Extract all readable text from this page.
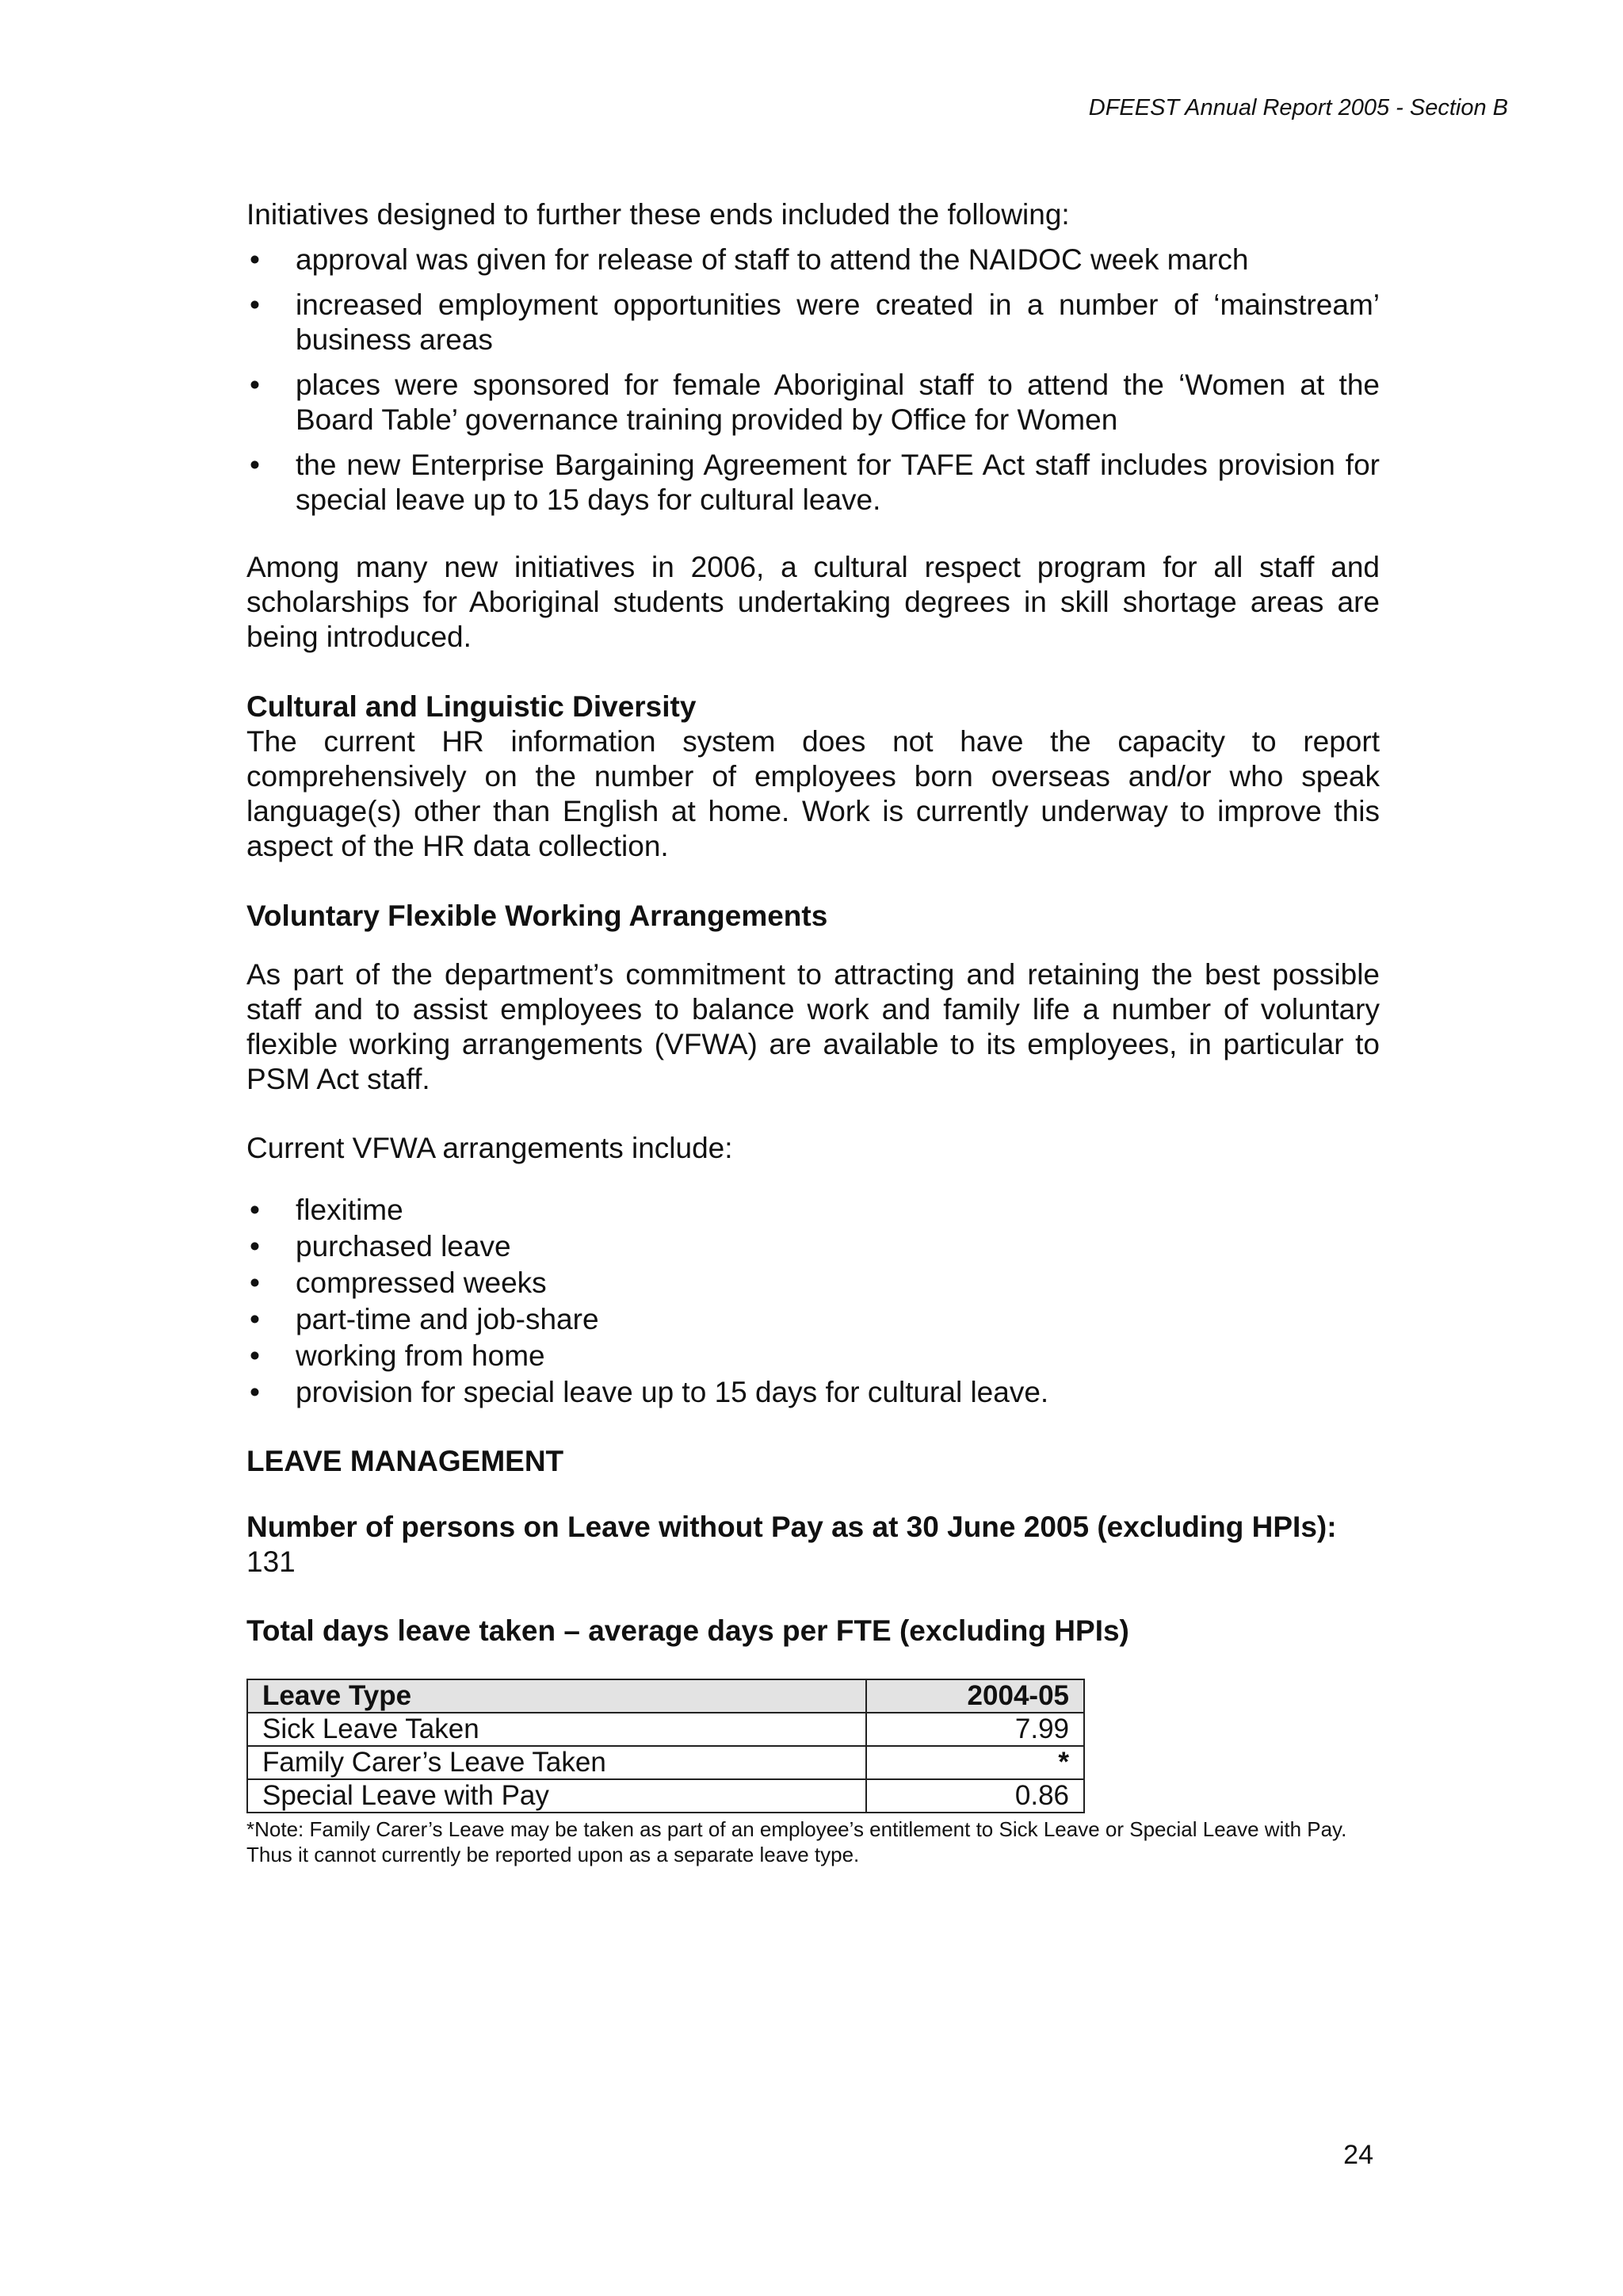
DFEEST Annual Report 2005 - Section B

Initiatives designed to further these ends included the following:

• approval was given for release of staff to attend the NAIDOC week march
• increased employment opportunities were created in a number of ‘mainstream’ business areas
• places were sponsored for female Aboriginal staff to attend the ‘Women at the Board Table’ governance training provided by Office for Women
• the new Enterprise Bargaining Agreement for TAFE Act staff includes provision for special leave up to 15 days for cultural leave.

Among many new initiatives in 2006, a cultural respect program for all staff and scholarships for Aboriginal students undertaking degrees in skill shortage areas are being introduced.

Cultural and Linguistic Diversity

The current HR information system does not have the capacity to report comprehensively on the number of employees born overseas and/or who speak language(s) other than English at home. Work is currently underway to improve this aspect of the HR data collection.

Voluntary Flexible Working Arrangements

As part of the department’s commitment to attracting and retaining the best possible staff and to assist employees to balance work and family life a number of voluntary flexible working arrangements (VFWA) are available to its employees, in particular to PSM Act staff.

Current VFWA arrangements include:

• flexitime
• purchased leave
• compressed weeks
• part-time and job-share
• working from home
• provision for special leave up to 15 days for cultural leave.

LEAVE MANAGEMENT

Number of persons on Leave without Pay as at 30 June 2005 (excluding HPIs):

131

Total days leave taken – average days per FTE (excluding HPIs)

Leave Type	2004-05
Sick Leave Taken	7.99
Family Carer’s Leave Taken	*
Special Leave with Pay	0.86

*Note: Family Carer’s Leave may be taken as part of an employee’s entitlement to Sick Leave or Special Leave with Pay. Thus it cannot currently be reported upon as a separate leave type.

24
